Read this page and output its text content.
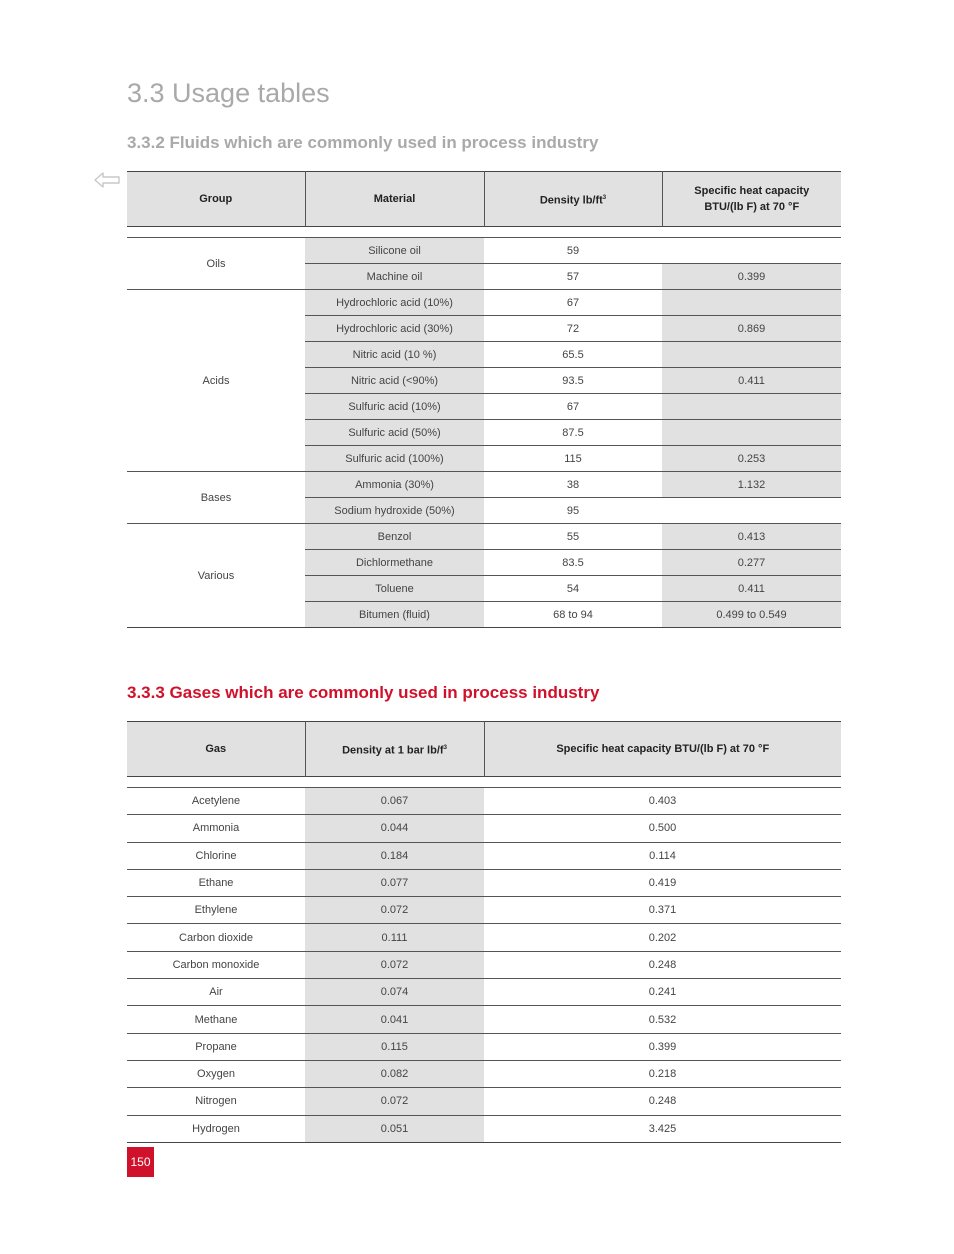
3.3 Usage tables
3.3.2 Fluids which are commonly used in process industry
Group	Material	Density $lb/ft^3$	Specific heat capacity
BTU/(lb F) at 70 °F

Oils	Silicone oil	59	
	Machine oil	57	0.399
Acids	Hydrochloric acid (10%)	67	
	Hydrochloric acid (30%)	72	0.869
	Nitric acid (10 %)	65.5	
	Nitric acid (<90%)	93.5	0.411
	Sulfuric acid (10%)	67	
	Sulfuric acid (50%)	87.5	
	Sulfuric acid (100%)	115	0.253
Bases	Ammonia (30%)	38	1.132
	Sodium hydroxide (50%)	95	
Various	Benzol	55	0.413
	Dichlormethane	83.5	0.277
	Toluene	54	0.411
	Bitumen (fluid)	68 to 94	0.499 to 0.549
3.3.3 Gases which are commonly used in process industry
Gas	Density at 1 bar $lb/f^3$	Specific heat capacity BTU/(lb F) at 70 °F

Acetylene	0.067	0.403
Ammonia	0.044	0.500
Chlorine	0.184	0.114
Ethane	0.077	0.419
Ethylene	0.072	0.371
Carbon dioxide	0.111	0.202
Carbon monoxide	0.072	0.248
Air	0.074	0.241
Methane	0.041	0.532
Propane	0.115	0.399
Oxygen	0.082	0.218
Nitrogen	0.072	0.248
Hydrogen	0.051	3.425
150
